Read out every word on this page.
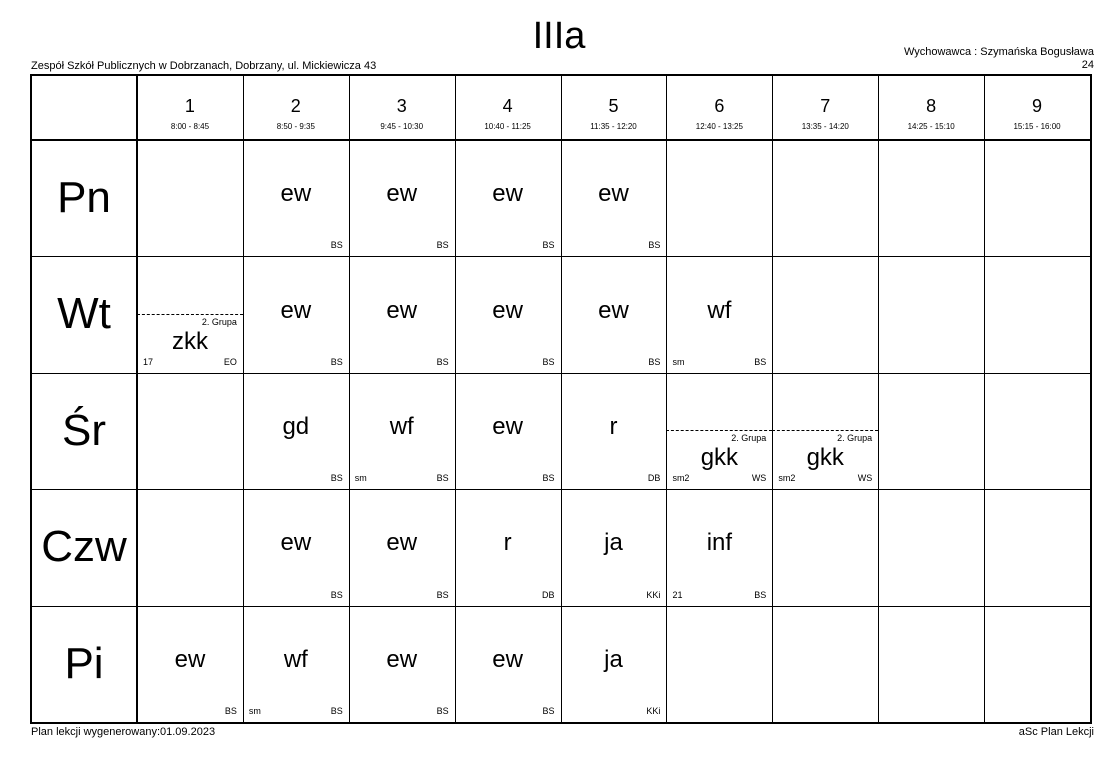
IIIa
Zespół Szkół Publicznych w Dobrzanach, Dobrzany, ul. Mickiewicza 43
Wychowawca : Szymańska Bogusława
24
1
8:00 - 8:45
2
8:50 - 9:35
3
9:45 - 10:30
4
10:40 - 11:25
5
11:35 - 12:20
6
12:40 - 13:25
7
13:35 - 14:20
8
14:25 - 15:10
9
15:15 - 16:00
Pn
Wt
Śr
Czw
Pi
ew
BS
ew
BS
ew
BS
ew
BS
2. Grupa
zkk
EO
17
ew
BS
ew
BS
ew
BS
ew
BS
wf
BS
sm
gd
BS
wf
BS
sm
ew
BS
r
DB
2. Grupa
gkk
WS
sm2
2. Grupa
gkk
WS
sm2
ew
BS
ew
BS
r
DB
ja
KKi
inf
BS
21
ew
BS
wf
BS
sm
ew
BS
ew
BS
ja
KKi
Plan lekcji wygenerowany:01.09.2023	aSc Plan Lekcji
